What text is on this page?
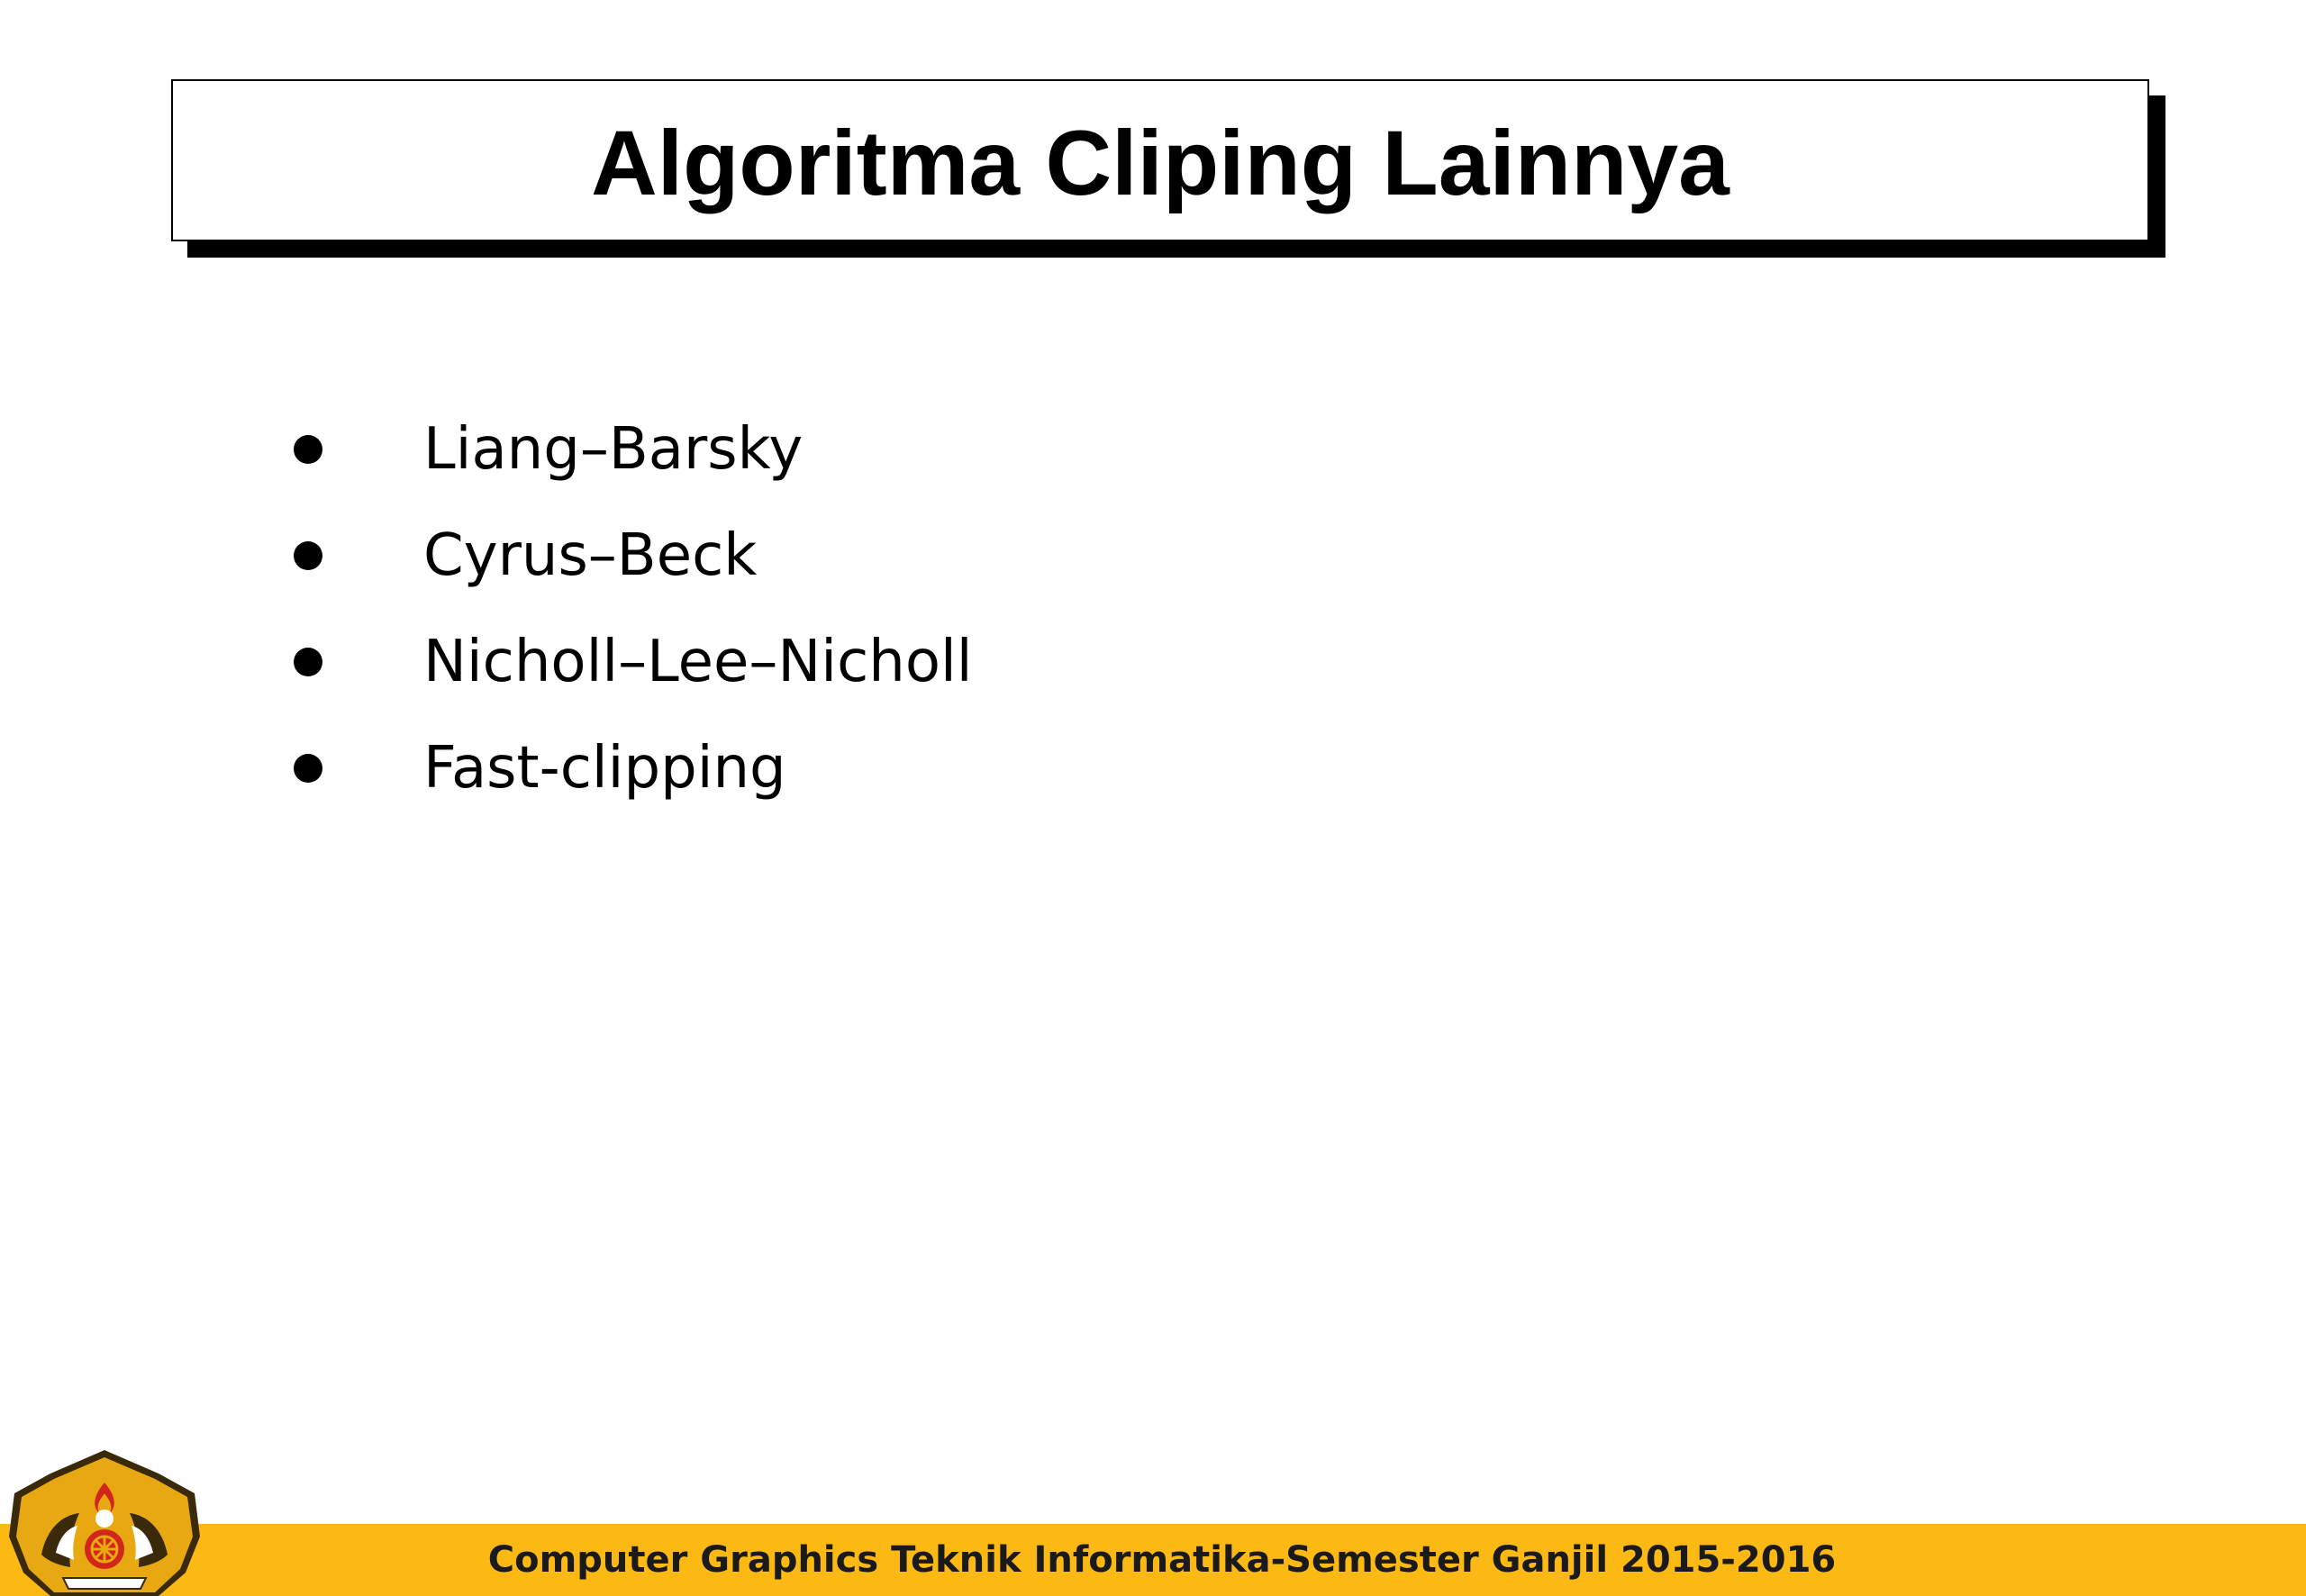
Algoritma Cliping Lainnya
Liang–Barsky
Cyrus–Beck
Nicholl–Lee–Nicholl
Fast-clipping
Computer Graphics Teknik Informatika-Semester Ganjil 2015-2016
